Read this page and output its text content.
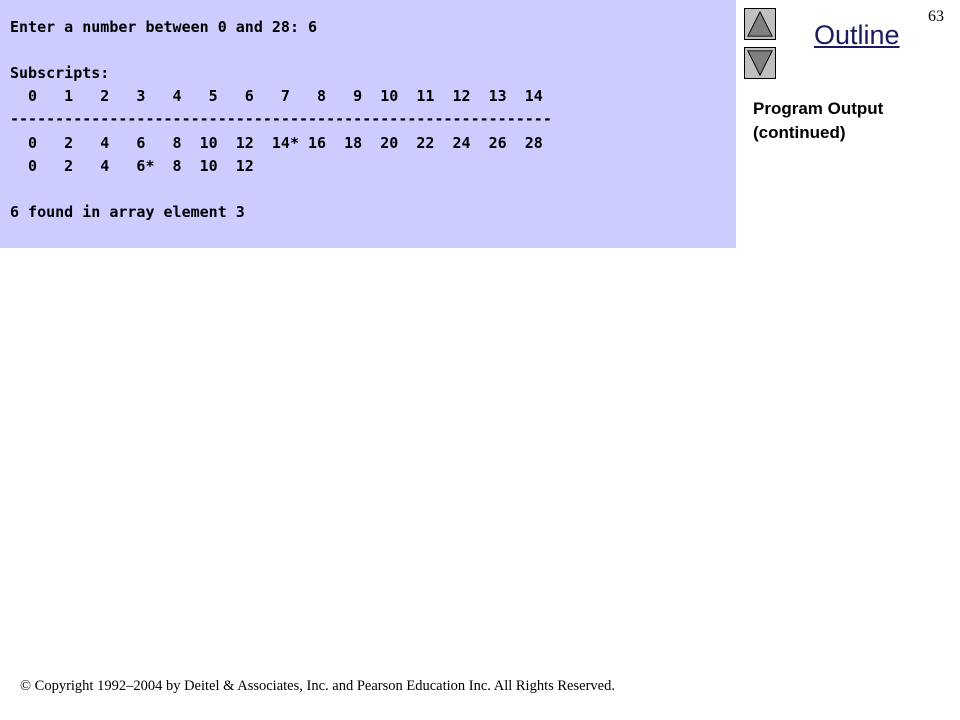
Enter a number between 0 and 28: 6
Subscripts:
0   1   2   3   4   5   6   7   8   9  10  11  12  13  14
------------------------------------------------------------
0   2   4   6   8  10  12  14* 16  18  20  22  24  26  28
0   2   4   6*  8  10  12
6 found in array element 3
Outline
63
Program Output
(continued)
© Copyright 1992–2004 by Deitel & Associates, Inc. and Pearson Education Inc. All Rights Reserved.
